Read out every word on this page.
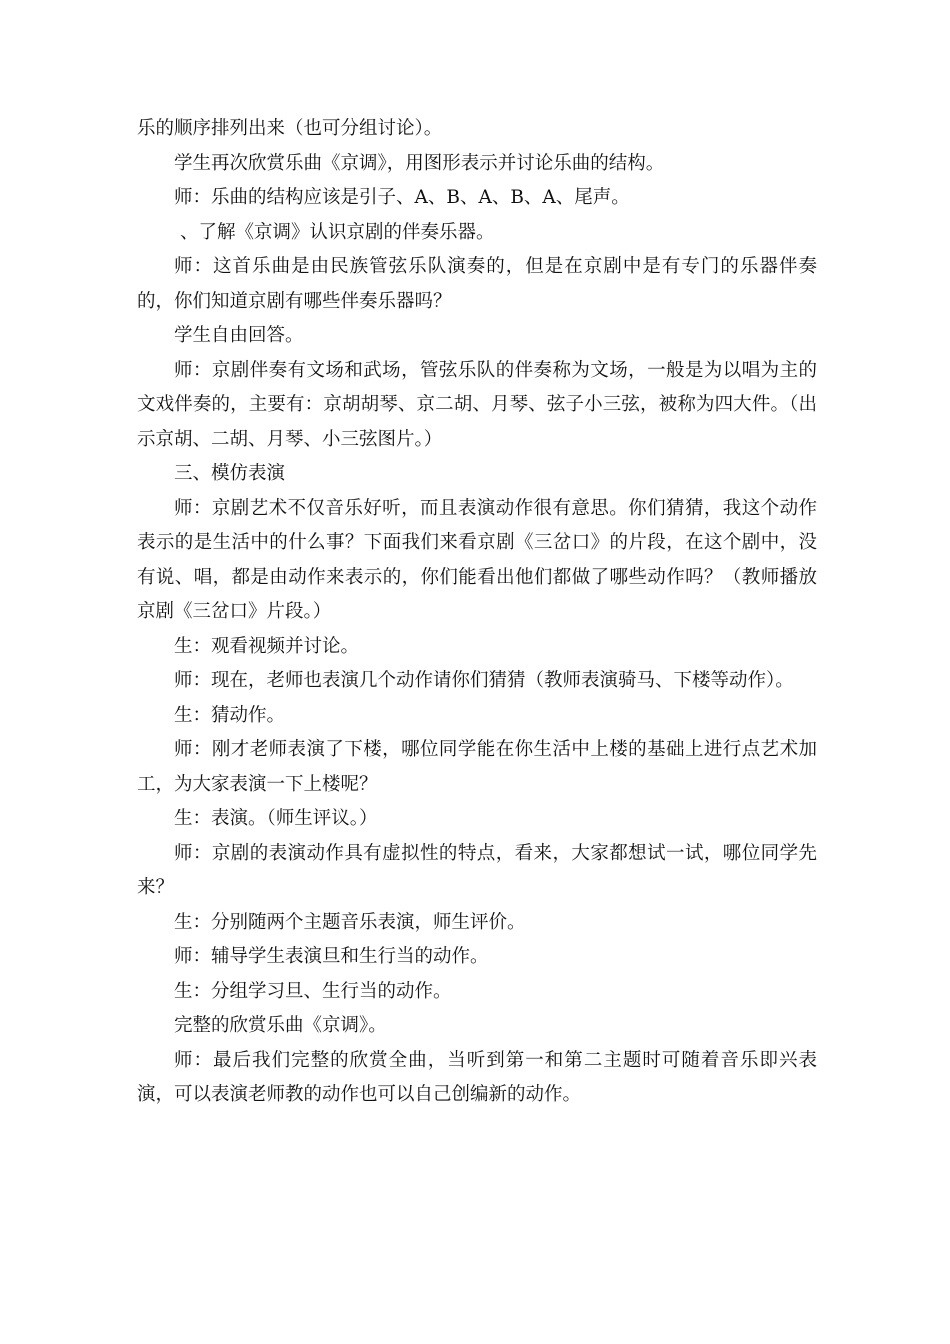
乐的顺序排列出来（也可分组讨论）。

学生再次欣赏乐曲《京调》，用图形表示并讨论乐曲的结构。

师：乐曲的结构应该是引子、A、B、A、B、A、尾声。

、了解《京调》认识京剧的伴奏乐器。

师：这首乐曲是由民族管弦乐队演奏的，但是在京剧中是有专门的乐器伴奏的，你们知道京剧有哪些伴奏乐器吗？

学生自由回答。

师：京剧伴奏有文场和武场，管弦乐队的伴奏称为文场，一般是为以唱为主的文戏伴奏的，主要有：京胡胡琴、京二胡、月琴、弦子小三弦，被称为四大件。（出示京胡、二胡、月琴、小三弦图片。）

三、模仿表演

师：京剧艺术不仅音乐好听，而且表演动作很有意思。你们猜猜，我这个动作表示的是生活中的什么事？下面我们来看京剧《三岔口》的片段，在这个剧中，没有说、唱，都是由动作来表示的，你们能看出他们都做了哪些动作吗？（教师播放京剧《三岔口》片段。）

生：观看视频并讨论。

师：现在，老师也表演几个动作请你们猜猜（教师表演骑马、下楼等动作）。

生：猜动作。

师：刚才老师表演了下楼，哪位同学能在你生活中上楼的基础上进行点艺术加工，为大家表演一下上楼呢？

生：表演。（师生评议。）

师：京剧的表演动作具有虚拟性的特点，看来，大家都想试一试，哪位同学先来？

生：分别随两个主题音乐表演，师生评价。

师：辅导学生表演旦和生行当的动作。

生：分组学习旦、生行当的动作。

完整的欣赏乐曲《京调》。

师：最后我们完整的欣赏全曲，当听到第一和第二主题时可随着音乐即兴表演，可以表演老师教的动作也可以自己创编新的动作。
